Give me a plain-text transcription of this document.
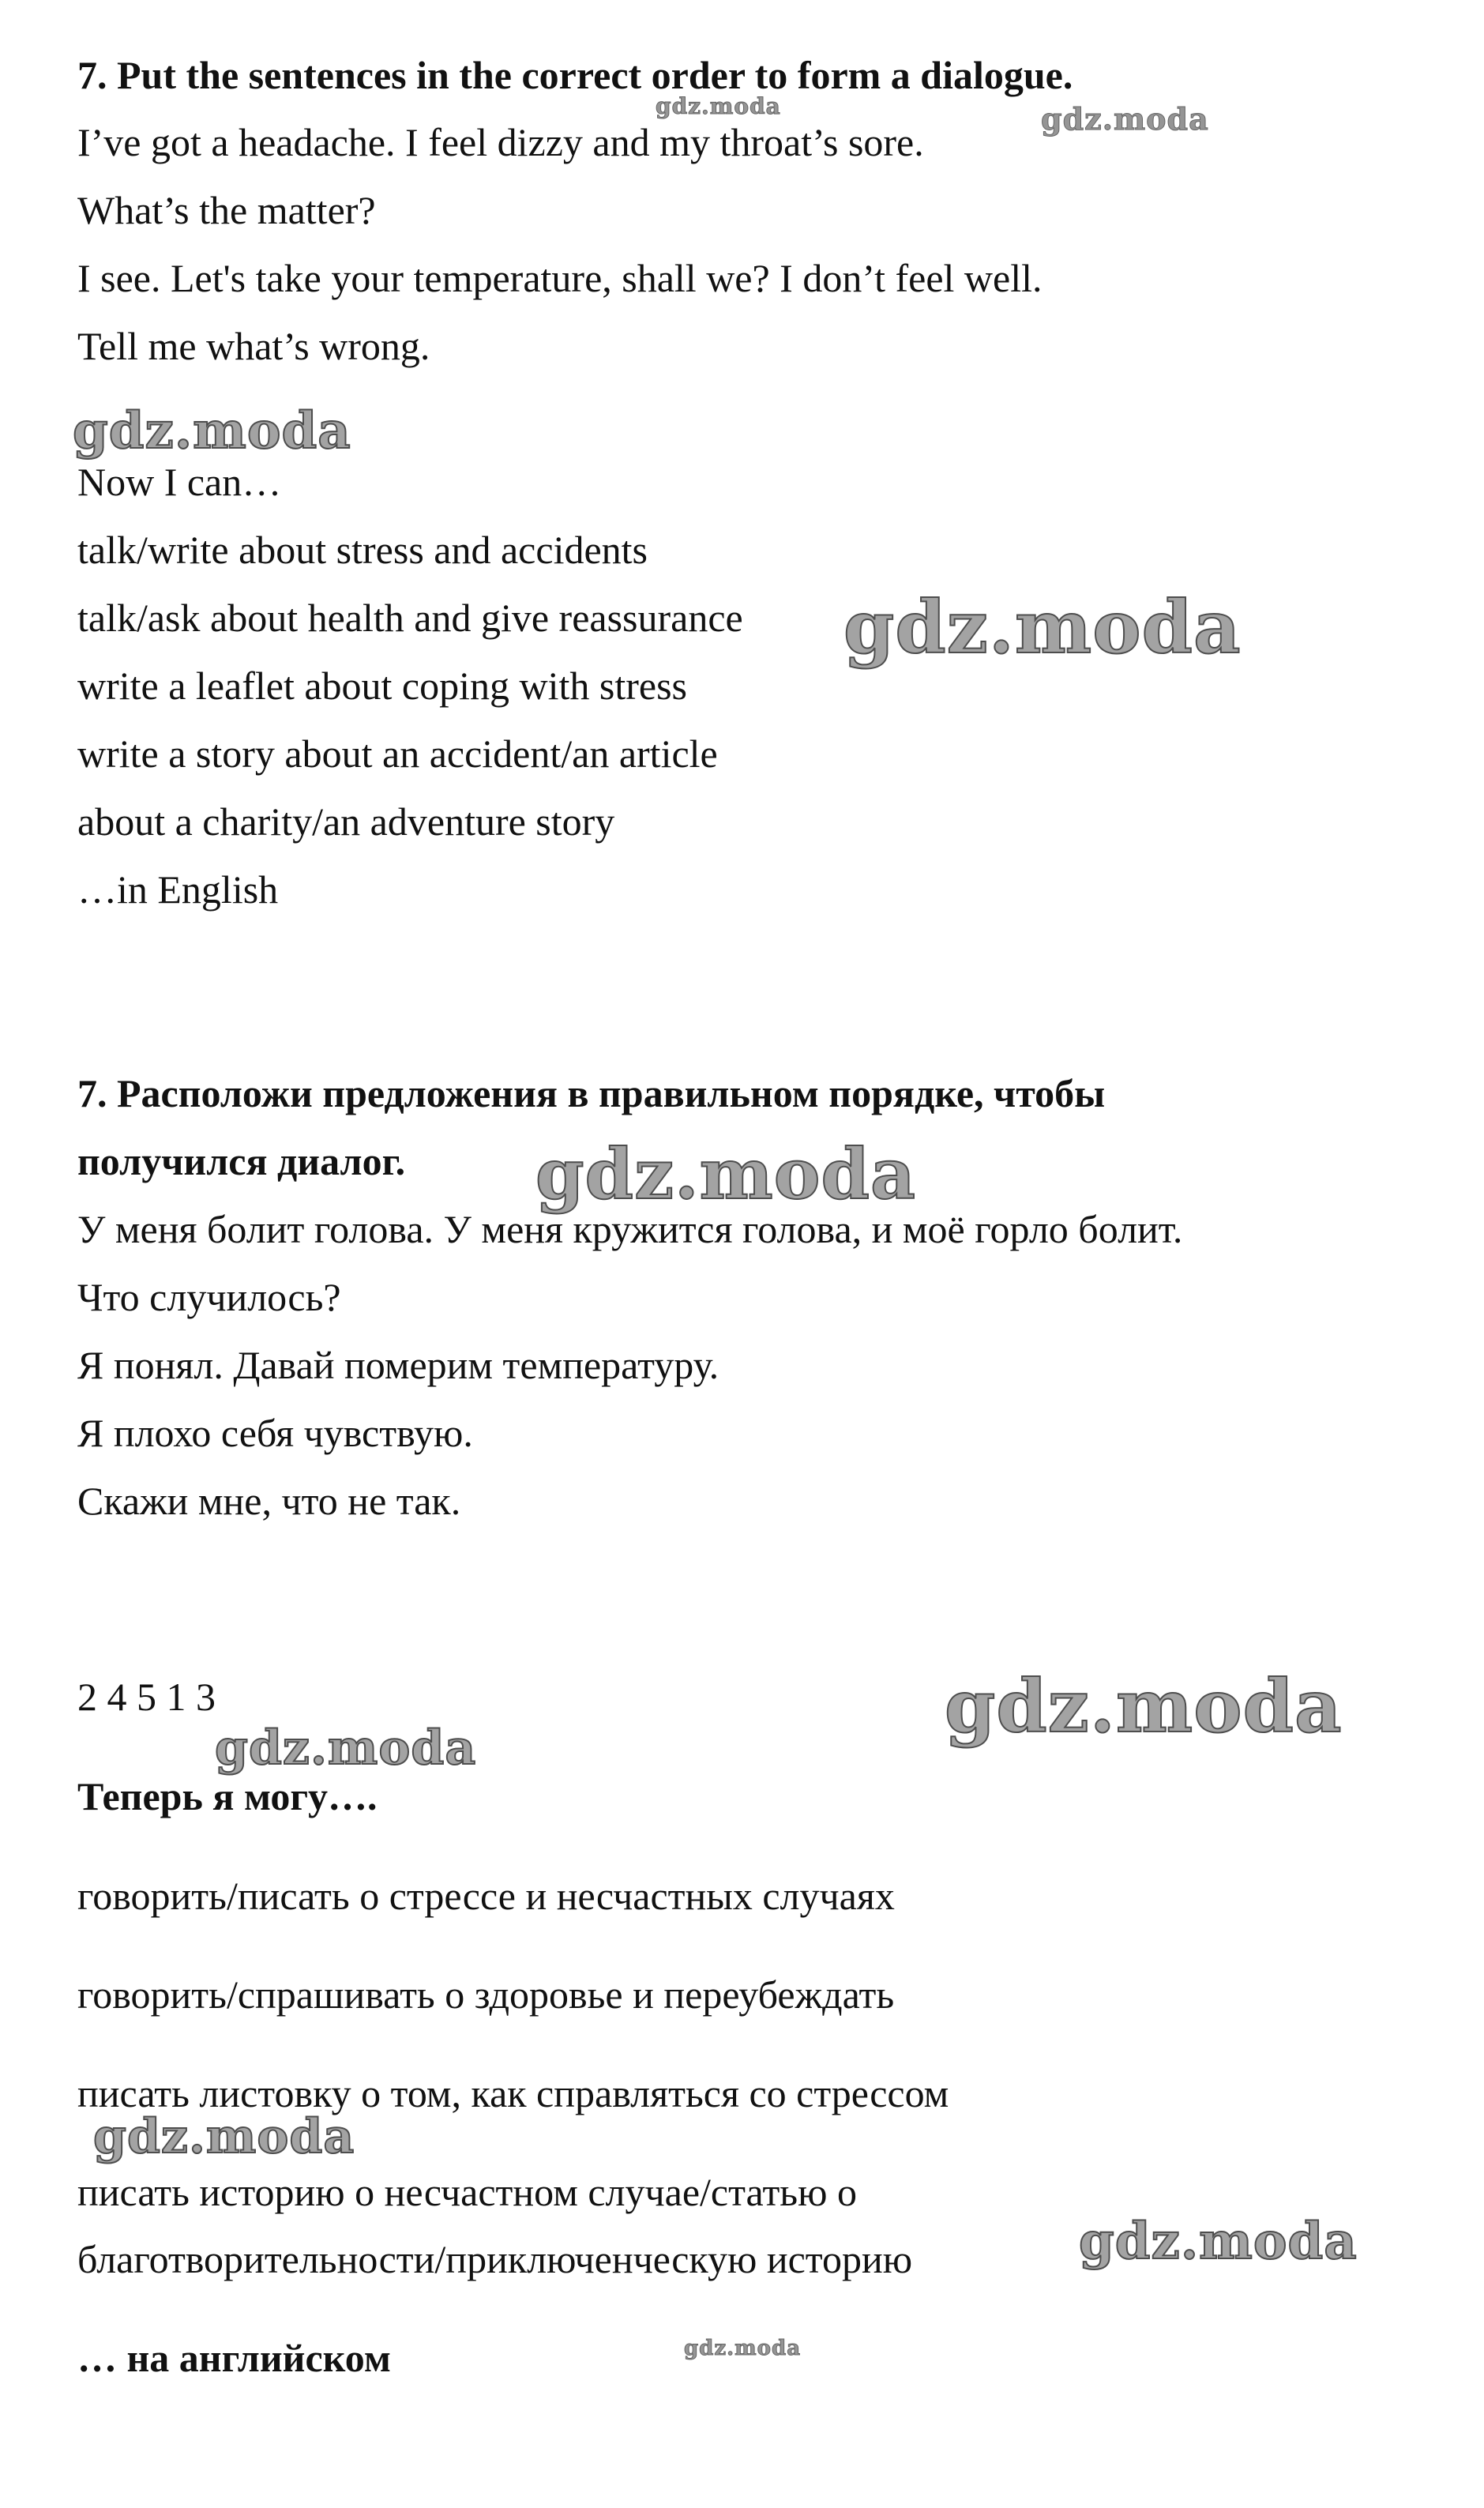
7. Put the sentences in the correct order to form a dialogue.

I’ve got a headache. I feel dizzy and my throat’s sore.

What’s the matter?

I see. Let's take your temperature, shall we? I don’t feel well.

Tell me what’s wrong.

Now I can…

talk/write about stress and accidents

talk/ask about health and give reassurance

write a leaflet about coping with stress

write a story about an accident/an article

about a charity/an adventure story

…in English

7. Расположи предложения в правильном порядке, чтобы

получился диалог.

У меня болит голова. У меня кружится голова, и моё горло болит.

Что случилось?

Я понял. Давай померим температуру.

Я плохо себя чувствую.

Скажи мне, что не так.

2 4 5 1 3

Теперь я могу….

говорить/писать о стрессе и несчастных случаях

говорить/спрашивать о здоровье и переубеждать

писать листовку о том, как справляться со стрессом

писать историю о несчастном случае/статью о

благотворительности/приключенческую историю

… на английском

gdz.moda	gdz.moda
gdz.moda
gdz.moda
gdz.moda
gdz.moda
gdz.moda
gdz.moda
gdz.moda
gdz.moda
